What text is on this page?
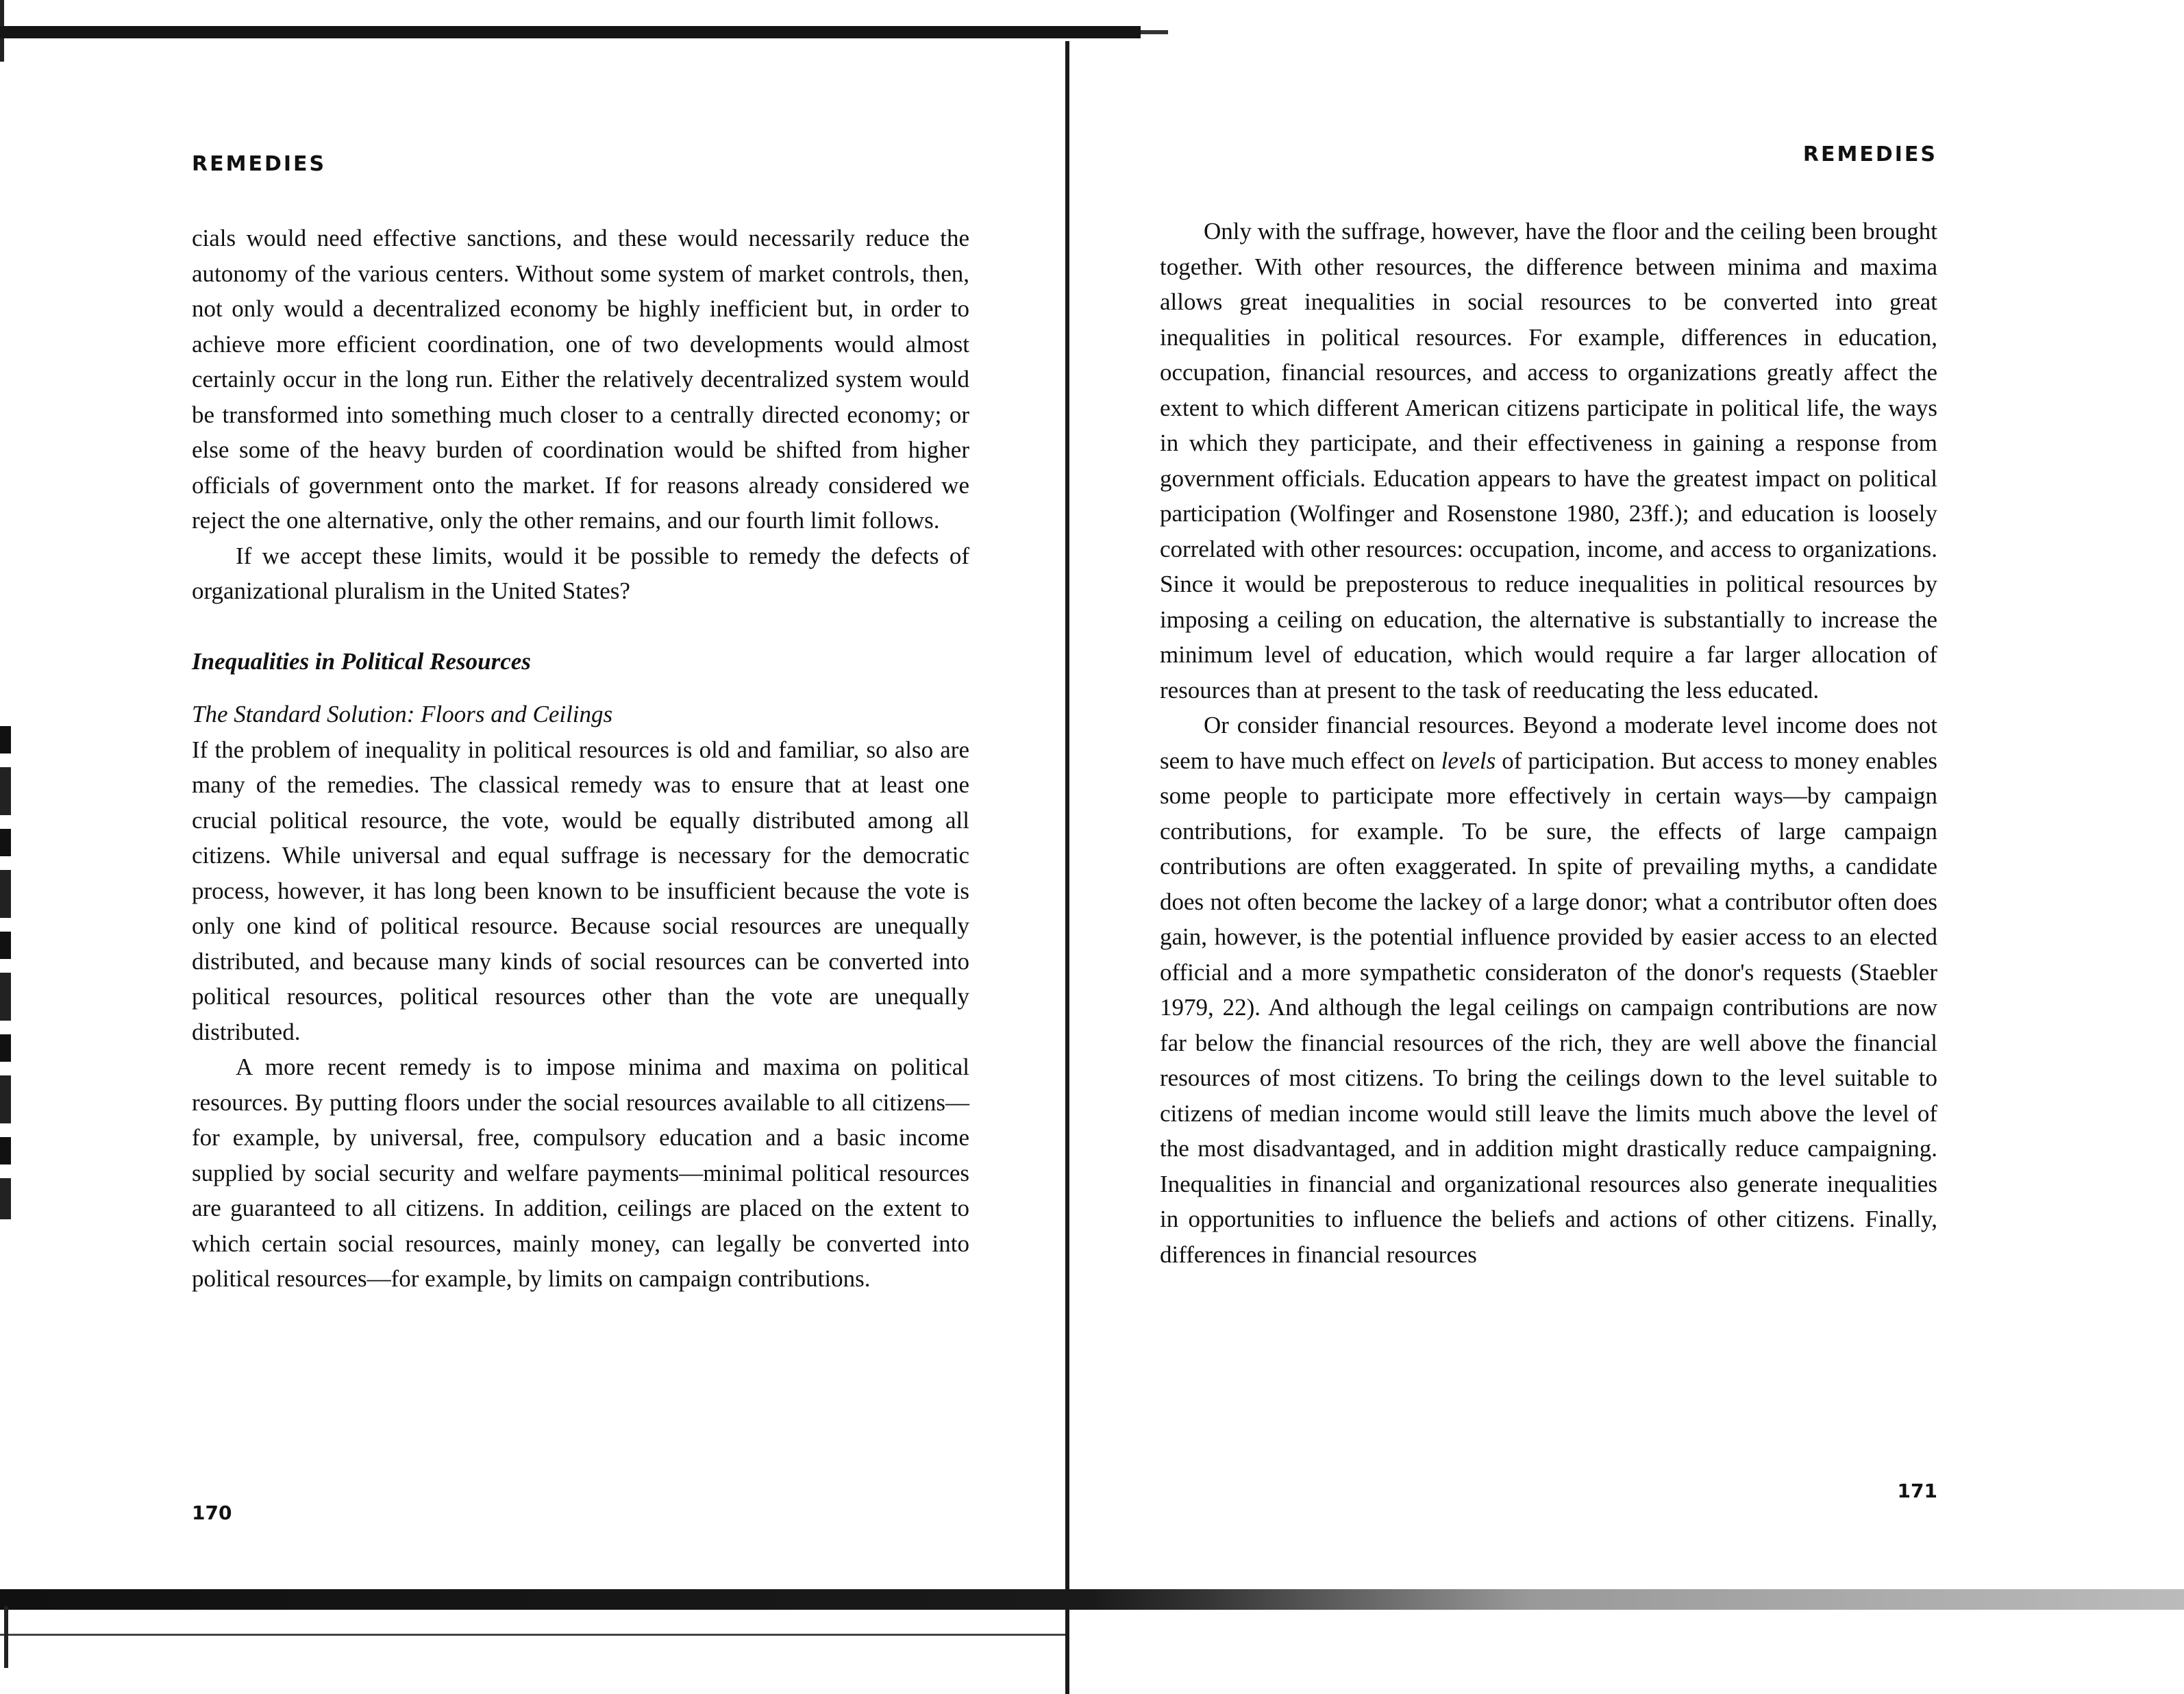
REMEDIES

cials would need effective sanctions, and these would necessarily reduce the autonomy of the various centers. Without some system of market controls, then, not only would a decentralized economy be highly inefficient but, in order to achieve more efficient coordination, one of two developments would almost certainly occur in the long run. Either the relatively decentralized system would be transformed into something much closer to a centrally directed economy; or else some of the heavy burden of coordination would be shifted from higher officials of government onto the market. If for reasons already considered we reject the one alternative, only the other remains, and our fourth limit follows.

If we accept these limits, would it be possible to remedy the defects of organizational pluralism in the United States?

Inequalities in Political Resources

The Standard Solution: Floors and Ceilings

If the problem of inequality in political resources is old and familiar, so also are many of the remedies. The classical remedy was to ensure that at least one crucial political resource, the vote, would be equally distributed among all citizens. While universal and equal suffrage is necessary for the democratic process, however, it has long been known to be insufficient because the vote is only one kind of political resource. Because social resources are unequally distributed, and because many kinds of social resources can be converted into political resources, political resources other than the vote are unequally distributed.

A more recent remedy is to impose minima and maxima on political resources. By putting floors under the social resources available to all citizens—for example, by universal, free, compulsory education and a basic income supplied by social security and welfare payments—minimal political resources are guaranteed to all citizens. In addition, ceilings are placed on the extent to which certain social resources, mainly money, can legally be converted into political resources—for example, by limits on campaign contributions.

170
REMEDIES

Only with the suffrage, however, have the floor and the ceiling been brought together. With other resources, the difference between minima and maxima allows great inequalities in social resources to be converted into great inequalities in political resources. For example, differences in education, occupation, financial resources, and access to organizations greatly affect the extent to which different American citizens participate in political life, the ways in which they participate, and their effectiveness in gaining a response from government officials. Education appears to have the greatest impact on political participation (Wolfinger and Rosenstone 1980, 23ff.); and education is loosely correlated with other resources: occupation, income, and access to organizations. Since it would be preposterous to reduce inequalities in political resources by imposing a ceiling on education, the alternative is substantially to increase the minimum level of education, which would require a far larger allocation of resources than at present to the task of reeducating the less educated.

Or consider financial resources. Beyond a moderate level income does not seem to have much effect on levels of participation. But access to money enables some people to participate more effectively in certain ways—by campaign contributions, for example. To be sure, the effects of large campaign contributions are often exaggerated. In spite of prevailing myths, a candidate does not often become the lackey of a large donor; what a contributor often does gain, however, is the potential influence provided by easier access to an elected official and a more sympathetic consideraton of the donor's requests (Staebler 1979, 22). And although the legal ceilings on campaign contributions are now far below the financial resources of the rich, they are well above the financial resources of most citizens. To bring the ceilings down to the level suitable to citizens of median income would still leave the limits much above the level of the most disadvantaged, and in addition might drastically reduce campaigning. Inequalities in financial and organizational resources also generate inequalities in opportunities to influence the beliefs and actions of other citizens. Finally, differences in financial resources

171
